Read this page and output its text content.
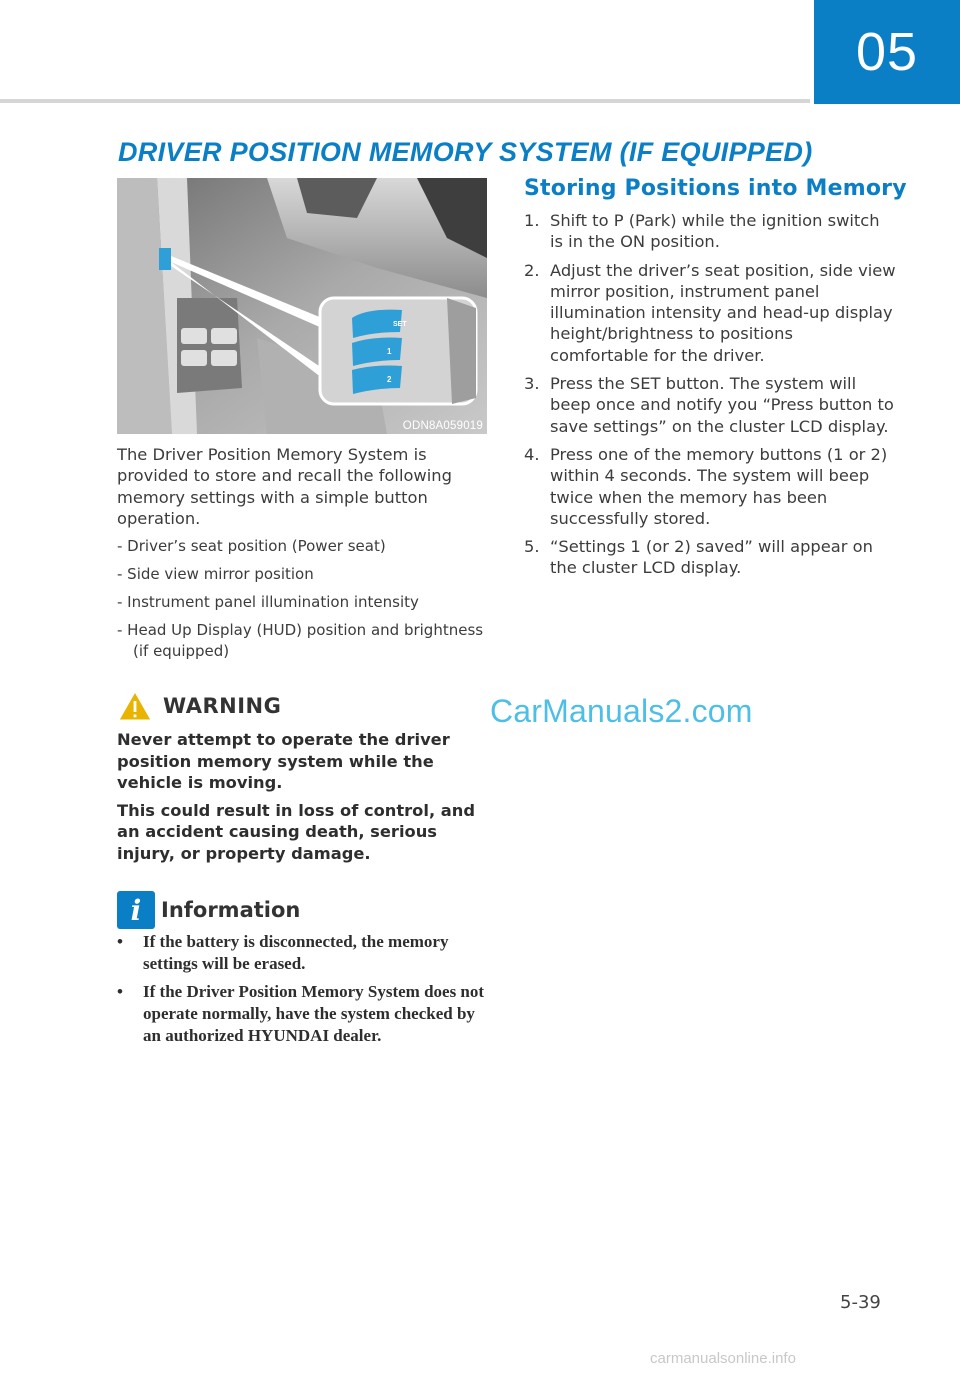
05
DRIVER POSITION MEMORY SYSTEM (IF EQUIPPED)
SET
1
2
ODN8A059019

The Driver Position Memory System is provided to store and recall the following memory settings with a simple button operation.

- Driver’s seat position (Power seat)
- Side view mirror position
- Instrument panel illumination intensity
- Head Up Display (HUD) position and brightness (if equipped)
WARNING

Never attempt to operate the driver position memory system while the vehicle is moving.

This could result in loss of control, and an accident causing death, serious injury, or property damage.

i Information
• If the battery is disconnected, the memory settings will be erased.
• If the Driver Position Memory System does not operate normally, have the system checked by an authorized HYUNDAI dealer.
Storing Positions into Memory
1. Shift to P (Park) while the ignition switch is in the ON position.
2. Adjust the driver’s seat position, side view mirror position, instrument panel illumination intensity and head-up display height/brightness to positions comfortable for the driver.
3. Press the SET button. The system will beep once and notify you “Press button to save settings” on the cluster LCD display.
4. Press one of the memory buttons (1 or 2) within 4 seconds. The system will beep twice when the memory has been successfully stored.
5. “Settings 1 (or 2) saved” will appear on the cluster LCD display.
CarManuals2.com
5-39
carmanualsonline.info
